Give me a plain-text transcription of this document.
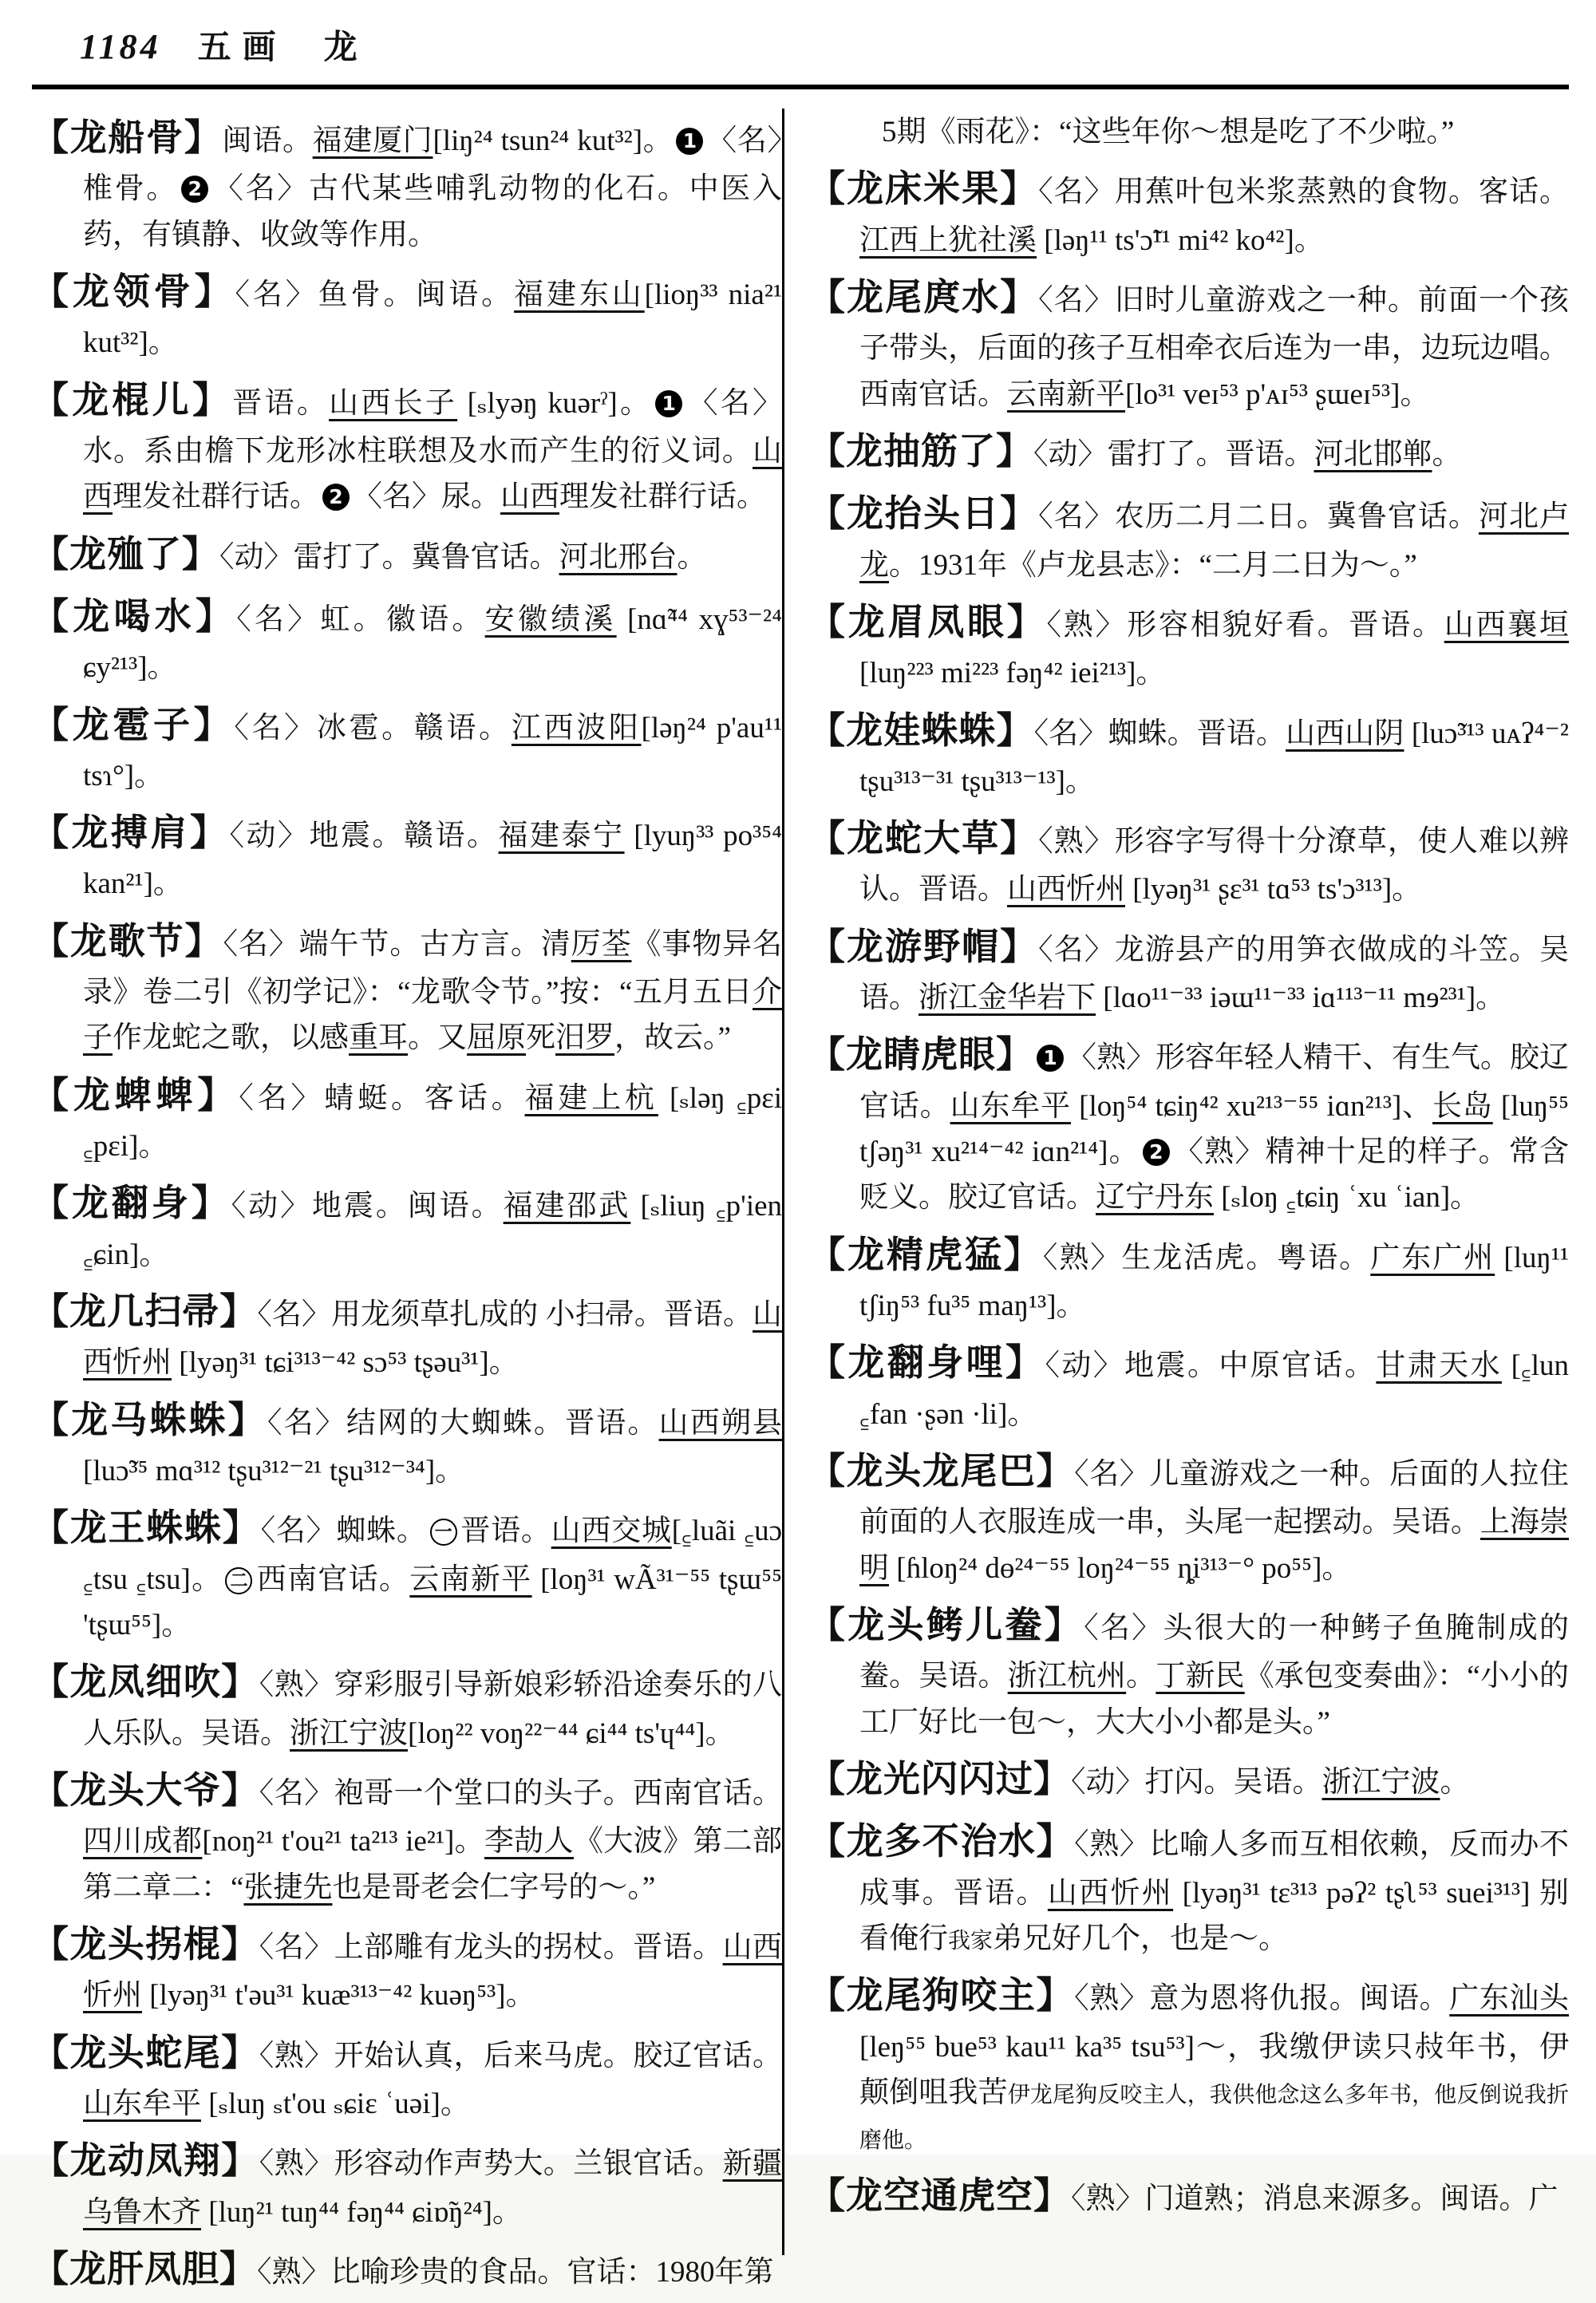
1184 五画 龙

【龙船骨】闽语。福建厦门[liŋ²⁴ tsun²⁴ kut³²]。 1 〈名〉椎骨。 2 〈名〉古代某些哺乳动物的化石。中医入药，有镇静、收敛等作用。

【龙领骨】〈名〉鱼骨。闽语。福建东山[lioŋ³³ nia²¹ kut³²]。

【龙棍儿】晋语。山西长子 [ₛlyəŋ kuərˀ]。 1 〈名〉水。系由檐下龙形冰柱联想及水而产生的衍义词。山西理发社群行话。 2 〈名〉尿。山西理发社群行话。

【龙殈了】〈动〉雷打了。冀鲁官话。河北邢台。

【龙喝水】〈名〉虹。徽语。安徽绩溪 [nɑ̃⁴⁴ xɣ⁵³⁻²⁴ ɕy²¹³]。

【龙雹子】〈名〉冰雹。赣语。江西波阳[ləŋ²⁴ p'au¹¹ tsɿ°]。

【龙搏肩】〈动〉地震。赣语。福建泰宁 [lyuŋ³³ po³⁵⁴ kan²¹]。

【龙歌节】〈名〉端午节。古方言。清厉荃《事物异名录》卷二引《初学记》：“龙歌令节。”按：“五月五日介子作龙蛇之歌，以感重耳。又屈原死汨罗，故云。”

【龙蜱蜱】〈名〉蜻蜓。客话。福建上杭 [ₛləŋ ꜁pɛi ꜁pɛi]。

【龙翻身】〈动〉地震。闽语。福建邵武 [ₛliuŋ ꜁p'ien ꜁ɕin]。

【龙几扫帚】〈名〉用龙须草扎成的 小扫帚。晋语。山西忻州 [lyəŋ³¹ tɕi³¹³⁻⁴² sɔ⁵³ tʂəu³¹]。

【龙马蛛蛛】〈名〉结网的大蜘蛛。晋语。山西朔县[luɔ̃³⁵ mɑ³¹² tʂu³¹²⁻²¹ tʂu³¹²⁻³⁴]。

【龙王蛛蛛】〈名〉蜘蛛。 一 晋语。山西交城[꜁luãi ꜁uɔ ꜁tsu ꜁tsu]。 二 西南官话。云南新平 [loŋ³¹ wÃ³¹⁻⁵⁵ tʂɯ⁵⁵ 'tʂɯ⁵⁵]。

【龙凤细吹】〈熟〉穿彩服引导新娘彩轿沿途奏乐的八人乐队。吴语。浙江宁波[loŋ²² voŋ²²⁻⁴⁴ ɕi⁴⁴ ts'ɥ⁴⁴]。

【龙头大爷】〈名〉袍哥一个堂口的头子。西南官话。四川成都[noŋ²¹ t'ou²¹ ta²¹³ ie²¹]。李劼人《大波》第二部第二章二：“张捷先也是哥老会仁字号的～。”

【龙头拐棍】〈名〉上部雕有龙头的拐杖。晋语。山西忻州 [lyəŋ³¹ t'əu³¹ kuæ³¹³⁻⁴² kuəŋ⁵³]。

【龙头蛇尾】〈熟〉开始认真，后来马虎。胶辽官话。山东牟平 [ₛluŋ ₛt'ou ₛɕiɛ ʿuəi]。

【龙动凤翔】〈熟〉形容动作声势大。兰银官话。新疆乌鲁木齐 [luŋ²¹ tuŋ⁴⁴ fəŋ⁴⁴ ɕiɒ̃ŋ²⁴]。

【龙肝凤胆】〈熟〉比喻珍贵的食品。官话：1980年第

5期《雨花》：“这些年你～想是吃了不少啦。”

【龙床米果】〈名〉用蕉叶包米浆蒸熟的食物。客话。江西上犹社溪 [ləŋ¹¹ ts'ɔ̃¹¹ mi⁴² ko⁴²]。

【龙尾庹水】〈名〉旧时儿童游戏之一种。前面一个孩子带头，后面的孩子互相牵衣后连为一串，边玩边唱。西南官话。云南新平[lo³¹ veɪ⁵³ p'ᴀɪ⁵³ ʂɯeɪ⁵³]。

【龙抽筋了】〈动〉雷打了。晋语。河北邯郸。

【龙抬头日】〈名〉农历二月二日。冀鲁官话。河北卢龙。1931年《卢龙县志》：“二月二日为～。”

【龙眉凤眼】〈熟〉形容相貌好看。晋语。山西襄垣 [luŋ²²³ mi²²³ fəŋ⁴² iei²¹³]。

【龙娃蛛蛛】〈名〉蜘蛛。晋语。山西山阴 [luɔ̃³¹³ uᴀʔ⁴⁻² tʂu³¹³⁻³¹ tʂu³¹³⁻¹³]。

【龙蛇大草】〈熟〉形容字写得十分潦草，使人难以辨认。晋语。山西忻州 [lyəŋ³¹ ʂɛ³¹ tɑ⁵³ ts'ɔ³¹³]。

【龙游野帽】〈名〉龙游县产的用笋衣做成的斗笠。吴语。浙江金华岩下 [lɑo¹¹⁻³³ iəɯ¹¹⁻³³ iɑ¹¹³⁻¹¹ mɘ²³¹]。

【龙睛虎眼】 1 〈熟〉形容年轻人精干、有生气。胶辽官话。山东牟平 [loŋ⁵⁴ tɕiŋ⁴² xu²¹³⁻⁵⁵ iɑn²¹³]、长岛 [luŋ⁵⁵ tʃəŋ³¹ xu²¹⁴⁻⁴² iɑn²¹⁴]。 2 〈熟〉精神十足的样子。常含贬义。胶辽官话。辽宁丹东 [ₛloŋ ꜁tɕiŋ ʿxu ʿian]。

【龙精虎猛】〈熟〉生龙活虎。粤语。广东广州 [luŋ¹¹ tʃiŋ⁵³ fu³⁵ maŋ¹³]。

【龙翻身哩】〈动〉地震。中原官话。甘肃天水 [꜁lun ꜁fan ·ʂən ·li]。

【龙头龙尾巴】〈名〉儿童游戏之一种。后面的人拉住前面的人衣服连成一串，头尾一起摆动。吴语。上海崇明 [ɦloŋ²⁴ dɵ²⁴⁻⁵⁵ loŋ²⁴⁻⁵⁵ ȵi³¹³⁻° po⁵⁵]。

【龙头鲓儿鲞】〈名〉头很大的一种鲓子鱼腌制成的鲞。吴语。浙江杭州。丁新民《承包变奏曲》：“小小的工厂好比一包～，大大小小都是头。”

【龙光闪闪过】〈动〉打闪。吴语。浙江宁波。

【龙多不治水】〈熟〉比喻人多而互相依赖，反而办不成事。晋语。山西忻州 [lyəŋ³¹ tɛ³¹³ pəʔ² tʂʅ⁵³ suei³¹³] 别看俺行我家弟兄好几个，也是～。

【龙尾狗咬主】〈熟〉意为恩将仇报。闽语。广东汕头 [leŋ⁵⁵ bue⁵³ kau¹¹ ka³⁵ tsu⁵³]～，我缴伊读只敊年书，伊颠倒咀我苦伊龙尾狗反咬主人，我供他念这么多年书，他反倒说我折磨他。

【龙空通虎空】〈熟〉门道熟；消息来源多。闽语。广
